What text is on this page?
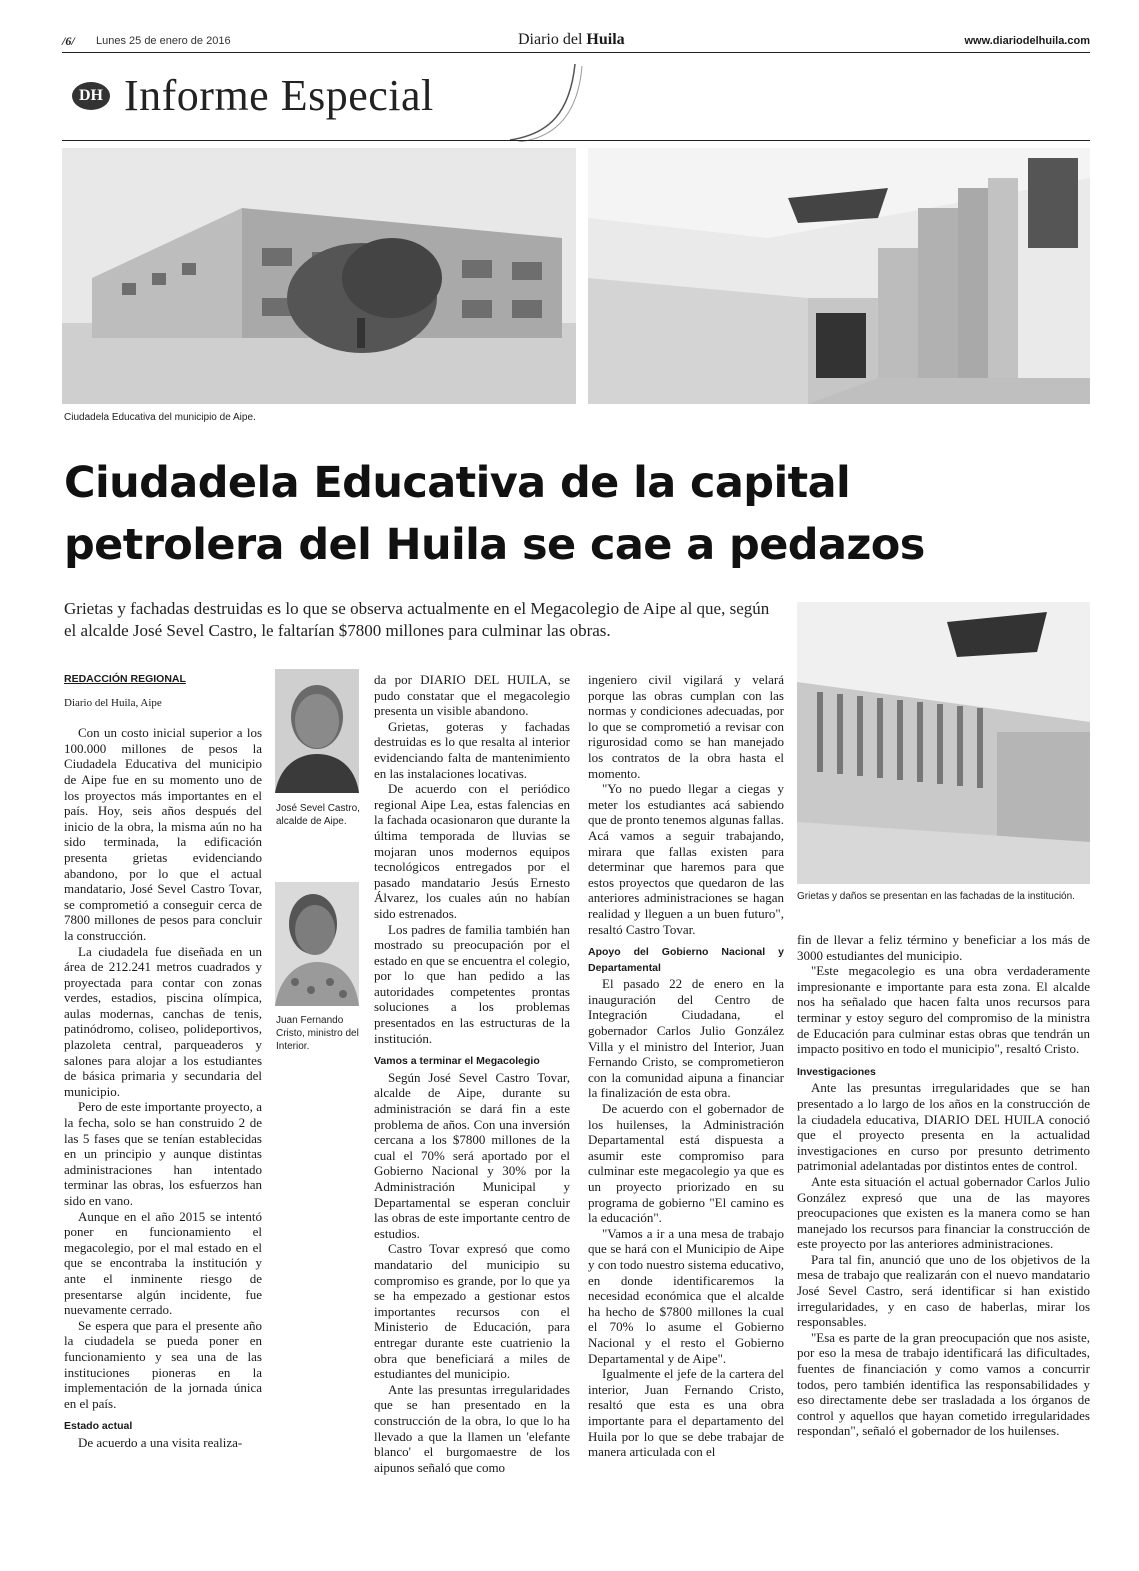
/6/ Lunes 25 de enero de 2016	Diario del Huila	www.diariodelhuila.com
DH Informe Especial
Ciudadela Educativa del municipio de Aipe.
Ciudadela Educativa de la capital
petrolera del Huila se cae a pedazos
Grietas y fachadas destruidas es lo que se observa actualmente en el Megacolegio de Aipe al que, según el alcalde José Sevel Castro, le faltarían $7800 millones para culminar las obras.
Grietas y daños se presentan en las fachadas de la institución.
REDACCIÓN REGIONAL
Diario del Huila, Aipe

Con un costo inicial superior a los 100.000 millones de pesos la Ciudadela Educativa del municipio de Aipe fue en su momento uno de los proyectos más importantes en el país. Hoy, seis años después del inicio de la obra, la misma aún no ha sido terminada, la edificación presenta grietas evidenciando abandono, por lo que el actual mandatario, José Sevel Castro Tovar, se comprometió a conseguir cerca de 7800 millones de pesos para concluir la construcción.

La ciudadela fue diseñada en un área de 212.241 metros cuadrados y proyectada para contar con zonas verdes, estadios, piscina olímpica, aulas modernas, canchas de tenis, patinódromo, coliseo, polideportivos, plazoleta central, parqueaderos y salones para alojar a los estudiantes de básica primaria y secundaria del municipio.

Pero de este importante proyecto, a la fecha, solo se han construido 2 de las 5 fases que se tenían establecidas en un principio y aunque distintas administraciones han intentado terminar las obras, los esfuerzos han sido en vano.

Aunque en el año 2015 se intentó poner en funcionamiento el megacolegio, por el mal estado en el que se encontraba la institución y ante el inminente riesgo de presentarse algún incidente, fue nuevamente cerrado.

Se espera que para el presente año la ciudadela se pueda poner en funcionamiento y sea una de las instituciones pioneras en la implementación de la jornada única en el país.

Estado actual

De acuerdo a una visita realiza-

José Sevel Castro, alcalde de Aipe.
Juan Fernando Cristo, ministro del Interior.

da por DIARIO DEL HUILA, se pudo constatar que el megacolegio presenta un visible abandono.

Grietas, goteras y fachadas destruidas es lo que resalta al interior evidenciando falta de mantenimiento en las instalaciones locativas.

De acuerdo con el periódico regional Aipe Lea, estas falencias en la fachada ocasionaron que durante la última temporada de lluvias se mojaran unos modernos equipos tecnológicos entregados por el pasado mandatario Jesús Ernesto Álvarez, los cuales aún no habían sido estrenados.

Los padres de familia también han mostrado su preocupación por el estado en que se encuentra el colegio, por lo que han pedido a las autoridades competentes prontas soluciones a los problemas presentados en las estructuras de la institución.

Vamos a terminar el Megacolegio

Según José Sevel Castro Tovar, alcalde de Aipe, durante su administración se dará fin a este problema de años. Con una inversión cercana a los $7800 millones de la cual el 70% será aportado por el Gobierno Nacional y 30% por la Administración Municipal y Departamental se esperan concluir las obras de este importante centro de estudios.

Castro Tovar expresó que como mandatario del municipio su compromiso es grande, por lo que ya se ha empezado a gestionar estos importantes recursos con el Ministerio de Educación, para entregar durante este cuatrienio la obra que beneficiará a miles de estudiantes del municipio.

Ante las presuntas irregularidades que se han presentado en la construcción de la obra, lo que lo ha llevado a que la llamen un 'elefante blanco' el burgomaestre de los aipunos señaló que como

ingeniero civil vigilará y velará porque las obras cumplan con las normas y condiciones adecuadas, por lo que se comprometió a revisar con rigurosidad como se han manejado los contratos de la obra hasta el momento.

"Yo no puedo llegar a ciegas y meter los estudiantes acá sabiendo que de pronto tenemos algunas fallas. Acá vamos a seguir trabajando, mirara que fallas existen para determinar que haremos para que estos proyectos que quedaron de las anteriores administraciones se hagan realidad y lleguen a un buen futuro", resaltó Castro Tovar.

Apoyo del Gobierno Nacional y Departamental

El pasado 22 de enero en la inauguración del Centro de Integración Ciudadana, el gobernador Carlos Julio González Villa y el ministro del Interior, Juan Fernando Cristo, se comprometieron con la comunidad aipuna a financiar la finalización de esta obra.

De acuerdo con el gobernador de los huilenses, la Administración Departamental está dispuesta a asumir este compromiso para culminar este megacolegio ya que es un proyecto priorizado en su programa de gobierno "El camino es la educación".

"Vamos a ir a una mesa de trabajo que se hará con el Municipio de Aipe y con todo nuestro sistema educativo, en donde identificaremos la necesidad económica que el alcalde ha hecho de $7800 millones la cual el 70% lo asume el Gobierno Nacional y el resto el Gobierno Departamental y de Aipe".

Igualmente el jefe de la cartera del interior, Juan Fernando Cristo, resaltó que esta es una obra importante para el departamento del Huila por lo que se debe trabajar de manera articulada con el

fin de llevar a feliz término y beneficiar a los más de 3000 estudiantes del municipio.

"Este megacolegio es una obra verdaderamente impresionante e importante para esta zona. El alcalde nos ha señalado que hacen falta unos recursos para terminar y estoy seguro del compromiso de la ministra de Educación para culminar estas obras que tendrán un impacto positivo en todo el municipio", resaltó Cristo.

Investigaciones

Ante las presuntas irregularidades que se han presentado a lo largo de los años en la construcción de la ciudadela educativa, DIARIO DEL HUILA conoció que el proyecto presenta en la actualidad investigaciones en curso por presunto detrimento patrimonial adelantadas por distintos entes de control.

Ante esta situación el actual gobernador Carlos Julio González expresó que una de las mayores preocupaciones que existen es la manera como se han manejado los recursos para financiar la construcción de este proyecto por las anteriores administraciones.

Para tal fin, anunció que uno de los objetivos de la mesa de trabajo que realizarán con el nuevo mandatario José Sevel Castro, será identificar si han existido irregularidades, y en caso de haberlas, mirar los responsables.

"Esa es parte de la gran preocupación que nos asiste, por eso la mesa de trabajo identificará las dificultades, fuentes de financiación y como vamos a concurrir todos, pero también identifica las responsabilidades y eso directamente debe ser trasladada a los órganos de control y aquellos que hayan cometido irregularidades respondan", señaló el gobernador de los huilenses.
